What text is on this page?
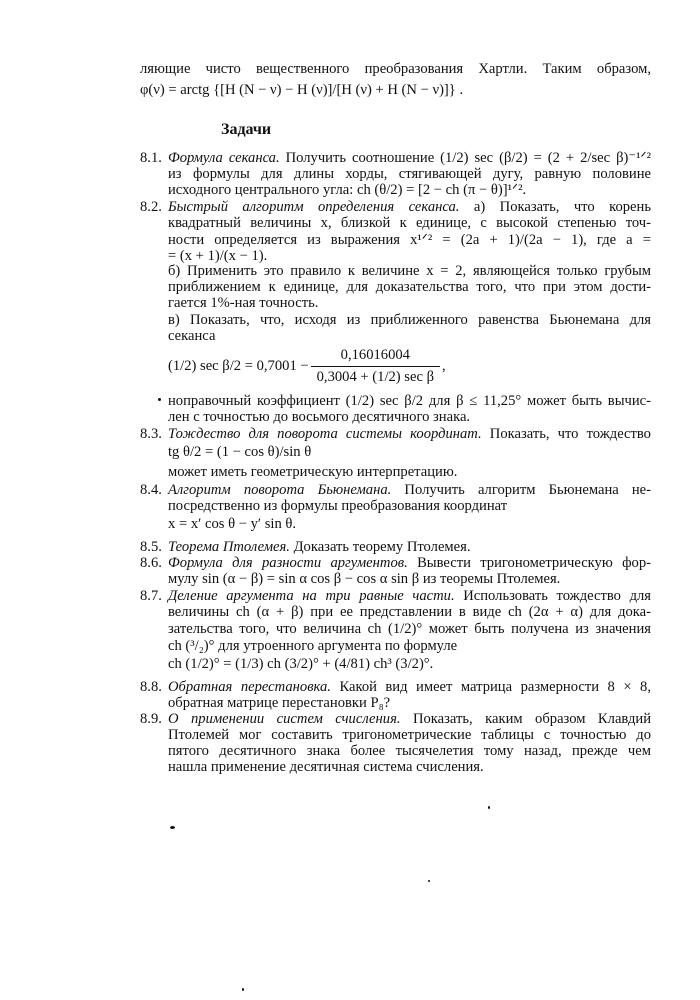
ляющие чисто вещественного преобразования Хартли. Таким образом,
φ(ν) = arctg {[H (N − ν) − H (ν)]/[H (ν) + H (N − ν)]} .
Задачи
8.1. Формула секанса. Получить соотношение (1/2) sec (β/2) = (2 + 2/sec β)⁻¹ᐟ²
из формулы для длины хорды, стягивающей дугу, равную половине
исходного центрального угла: ch (θ/2) = [2 − ch (π − θ)]¹ᐟ².
8.2. Быстрый алгоритм определения секанса. а) Показать, что корень
квадратный величины x, близкой к единице, с высокой степенью точ-
ности определяется из выражения x¹ᐟ² = (2a + 1)/(2a − 1), где a =
= (x + 1)/(x − 1).
б) Применить это правило к величине x = 2, являющейся только грубым
приближением к единице, для доказательства того, что при этом дости-
гается 1%-ная точность.
в) Показать, что, исходя из приближенного равенства Бьюнемана для
секанса
(1/2) $\sec \beta/2 = 0,7001 - \frac{0,16016004}{\text{0,3004 + (1/2) sec β}}$ ,
ноправочный коэффициент (1/2) sec β/2 для β ≤ 11,25° может быть вычис-
лен с точностью до восьмого десятичного знака.
8.3. Тождество для поворота системы координат. Показать, что тождество
tg θ/2 = (1 − cos θ)/sin θ
может иметь геометрическую интерпретацию.
8.4. Алгоритм поворота Бьюнемана. Получить алгоритм Бьюнемана не-
посредственно из формулы преобразования координат
x = x′ cos θ − y′ sin θ.
8.5. Теорема Птолемея. Доказать теорему Птолемея.
8.6. Формула для разности аргументов. Вывести тригонометрическую фор-
мулу sin (α − β) = sin α cos β − cos α sin β из теоремы Птолемея.
8.7. Деление аргумента на три равные части. Использовать тождество для
величины ch (α + β) при ее представлении в виде ch (2α + α) для дока-
зательства того, что величина ch (1/2)° может быть получена из значения
ch (³/₂)° для утроенного аргумента по формуле
ch (1/2)° = (1/3) ch (3/2)° + (4/81) ch³ (3/2)°.
8.8. Обратная перестановка. Какой вид имеет матрица размерности 8 × 8,
обратная матрице перестановки P₈?
8.9. О применении систем счисления. Показать, каким образом Клавдий
Птолемей мог составить тригонометрические таблицы с точностью до
пятого десятичного знака более тысячелетия тому назад, прежде чем
нашла применение десятичная система счисления.
